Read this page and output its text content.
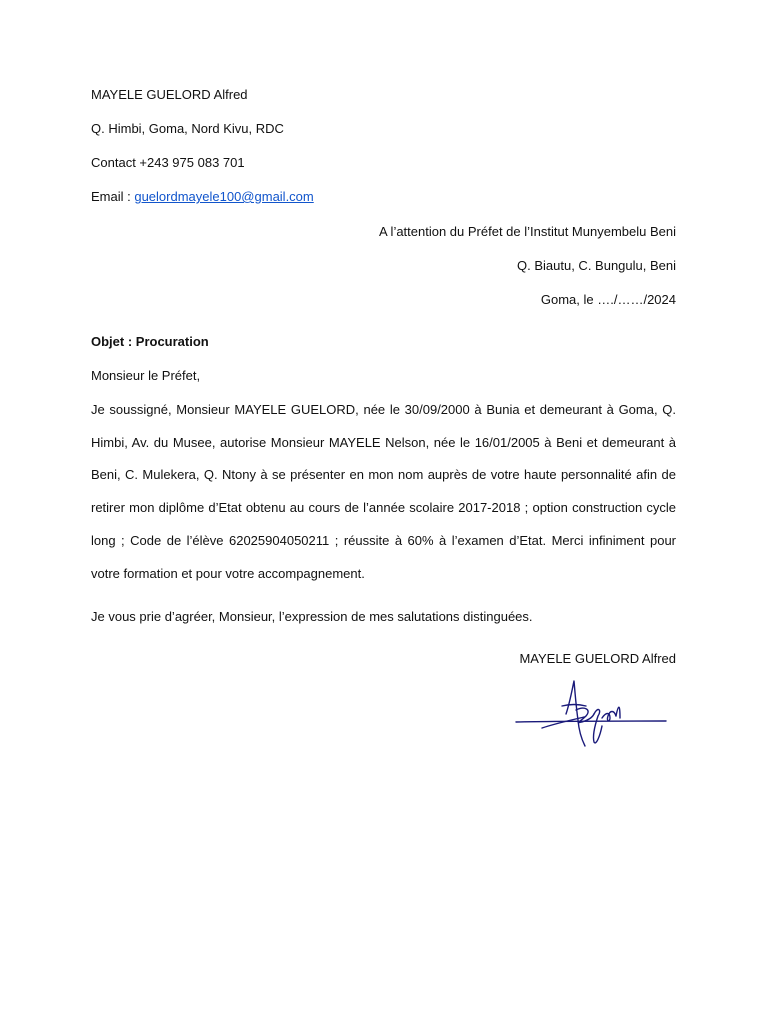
MAYELE GUELORD Alfred
Q. Himbi, Goma, Nord Kivu, RDC
Contact +243 975 083 701
Email : guelordmayele100@gmail.com
A l’attention du Préfet de l’Institut Munyembelu Beni
Q. Biautu, C. Bungulu, Beni
Goma, le …./……/2024
Objet : Procuration
Monsieur le Préfet,
Je soussigné, Monsieur MAYELE GUELORD, née le 30/09/2000 à Bunia et demeurant à Goma, Q. Himbi, Av. du Musee, autorise Monsieur MAYELE Nelson, née le 16/01/2005 à Beni et demeurant à Beni, C. Mulekera, Q. Ntony à se présenter en mon nom auprès de votre haute personnalité afin de retirer mon diplôme d’Etat obtenu au cours de l’année scolaire 2017-2018 ; option construction cycle long ; Code de l’élève 62025904050211 ; réussite à 60% à l’examen d’Etat. Merci infiniment pour votre formation et pour votre accompagnement.
Je vous prie d’agréer, Monsieur, l’expression de mes salutations distinguées.
MAYELE GUELORD Alfred
